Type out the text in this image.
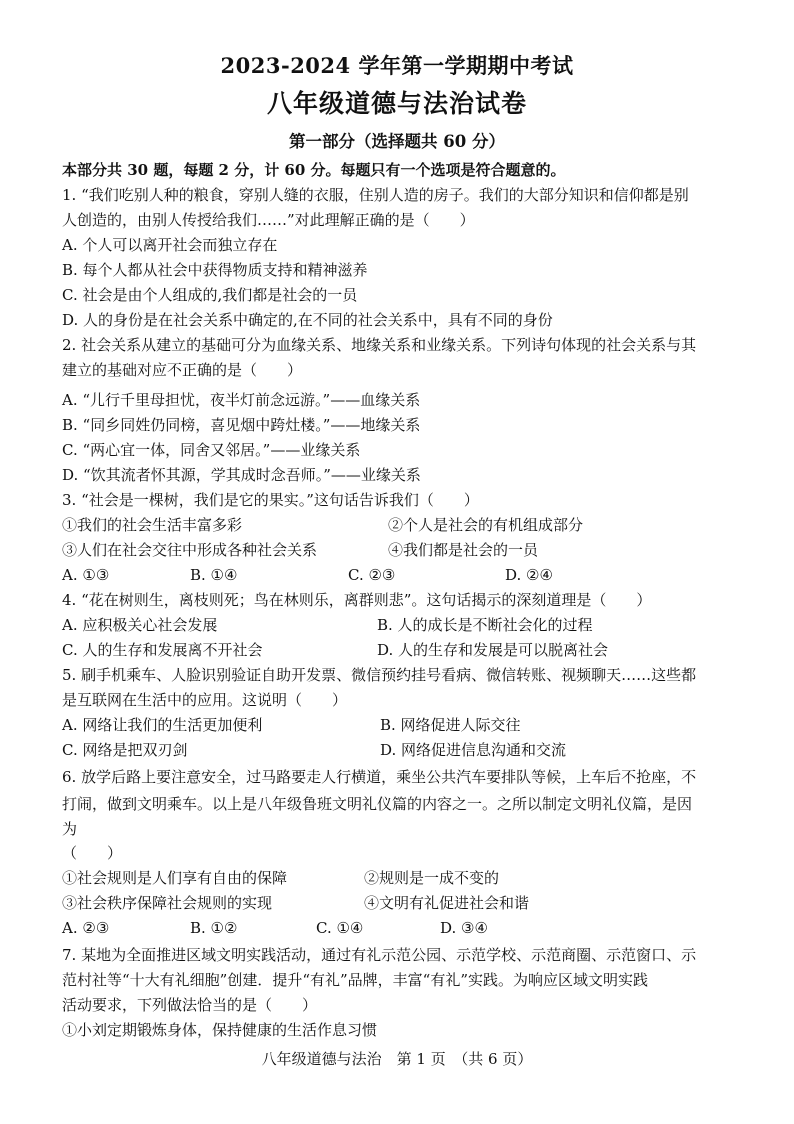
2023-2024 学年第一学期期中考试
八年级道德与法治试卷
第一部分（选择题共 60 分）
本部分共 30 题，每题 2 分，计 60 分。每题只有一个选项是符合题意的。
1. “我们吃别人种的粮食，穿别人缝的衣服，住别人造的房子。我们的大部分知识和信仰都是别
人创造的，由别人传授给我们……”对此理解正确的是（　　）
A. 个人可以离开社会而独立存在
B. 每个人都从社会中获得物质支持和精神滋养
C. 社会是由个人组成的,我们都是社会的一员
D. 人的身份是在社会关系中确定的,在不同的社会关系中，具有不同的身份
2. 社会关系从建立的基础可分为血缘关系、地缘关系和业缘关系。下列诗句体现的社会关系与其
建立的基础对应不正确的是（　　）
A. “儿行千里母担忧，夜半灯前念远游。”——血缘关系
B. “同乡同姓仍同榜，喜见烟中跨灶楼。”——地缘关系
C. “两心宜一体，同舍又邻居。”——业缘关系
D. “饮其流者怀其源，学其成时念吾师。”——业缘关系
3. “社会是一棵树，我们是它的果实。”这句话告诉我们（　　）
①我们的社会生活丰富多彩	②个人是社会的有机组成部分
③人们在社会交往中形成各种社会关系	④我们都是社会的一员
A. ①③	B. ①④	C. ②③	D. ②④
4. “花在树则生，离枝则死；鸟在林则乐，离群则悲”。这句话揭示的深刻道理是（　　）
A. 应积极关心社会发展	B. 人的成长是不断社会化的过程
C. 人的生存和发展离不开社会	D. 人的生存和发展是可以脱离社会
5. 刷手机乘车、人脸识别验证自助开发票、微信预约挂号看病、微信转账、视频聊天……这些都
是互联网在生活中的应用。这说明（　　）
A. 网络让我们的生活更加便利	B. 网络促进人际交往
C. 网络是把双刃剑	D. 网络促进信息沟通和交流
6. 放学后路上要注意安全，过马路要走人行横道，乘坐公共汽车要排队等候，上车后不抢座，不
打闹，做到文明乘车。以上是八年级鲁班文明礼仪篇的内容之一。之所以制定文明礼仪篇，是因
为
（　　）
①社会规则是人们享有自由的保障	②规则是一成不变的
③社会秩序保障社会规则的实现	④文明有礼促进社会和谐
A. ②③	B. ①②	C. ①④	D. ③④
7. 某地为全面推进区域文明实践活动，通过有礼示范公园、示范学校、示范商圈、示范窗口、示
范村社等“十大有礼细胞”创建．提升“有礼”品牌，丰富“有礼”实践。为响应区域文明实践
活动要求，下列做法恰当的是（　　）
①小刘定期锻炼身体，保持健康的生活作息习惯
八年级道德与法治　第 1 页　（共 6 页）
